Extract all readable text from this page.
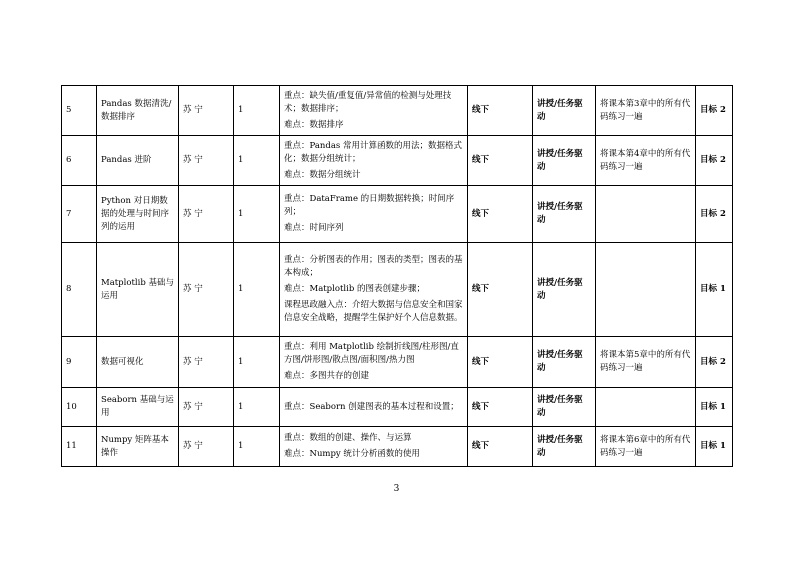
5	Pandas 数据清洗/数据排序	苏 宁	1	重点：缺失值/重复值/异常值的检测与处理技术；数据排序；
难点：数据排序	线下	讲授/任务驱动	将课本第3章中的所有代码练习一遍	目标 2
6	Pandas 进阶	苏 宁	1	重点：Pandas 常用计算函数的用法；数据格式化；数据分组统计；
难点：数据分组统计	线下	讲授/任务驱动	将课本第4章中的所有代码练习一遍	目标 2
7	Python 对日期数据的处理与时间序列的运用	苏 宁	1	重点：DataFrame 的日期数据转换；时间序列；
难点：时间序列	线下	讲授/任务驱动		目标 2
8	Matplotlib 基础与运用	苏 宁	1	重点：分析图表的作用；图表的类型；图表的基本构成；
难点：Matplotlib 的图表创建步骤；
课程思政融入点：介绍大数据与信息安全和国家信息安全战略，提醒学生保护好个人信息数据。	线下	讲授/任务驱动		目标 1
9	数据可视化	苏 宁	1	重点：利用 Matplotlib 绘制折线图/柱形图/直方图/饼形图/散点图/面积图/热力图
难点：多图共存的创建	线下	讲授/任务驱动	将课本第5章中的所有代码练习一遍	目标 2
10	Seaborn 基础与运用	苏 宁	1	重点：Seaborn 创建图表的基本过程和设置；	线下	讲授/任务驱动		目标 1
11	Numpy 矩阵基本操作	苏 宁	1	重点：数组的创建、操作、与运算
难点：Numpy 统计分析函数的使用	线下	讲授/任务驱动	将课本第6章中的所有代码练习一遍	目标 1
3
